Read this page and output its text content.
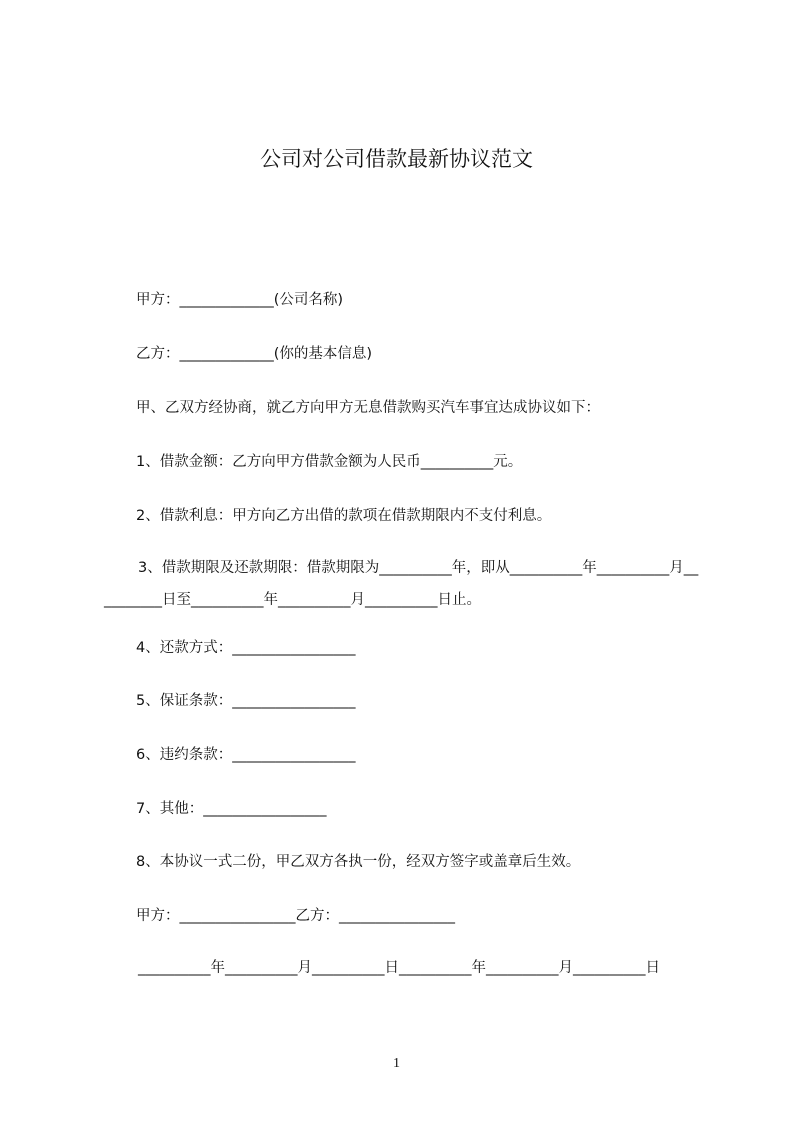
公司对公司借款最新协议范文

甲方：_____________(公司名称)

乙方：_____________(你的基本信息)

甲、乙双方经协商，就乙方向甲方无息借款购买汽车事宜达成协议如下：

1、借款金额：乙方向甲方借款金额为人民币__________元。

2、借款利息：甲方向乙方出借的款项在借款期限内不支付利息。

3、借款期限及还款期限：借款期限为__________年，即从__________年__________月__________日至__________年__________月__________日止。

4、还款方式：_________________

5、保证条款：_________________

6、违约条款：_________________

7、其他：_________________

8、本协议一式二份，甲乙双方各执一份，经双方签字或盖章后生效。

甲方：________________乙方：________________

__________年__________月__________日__________年__________月__________日

1
